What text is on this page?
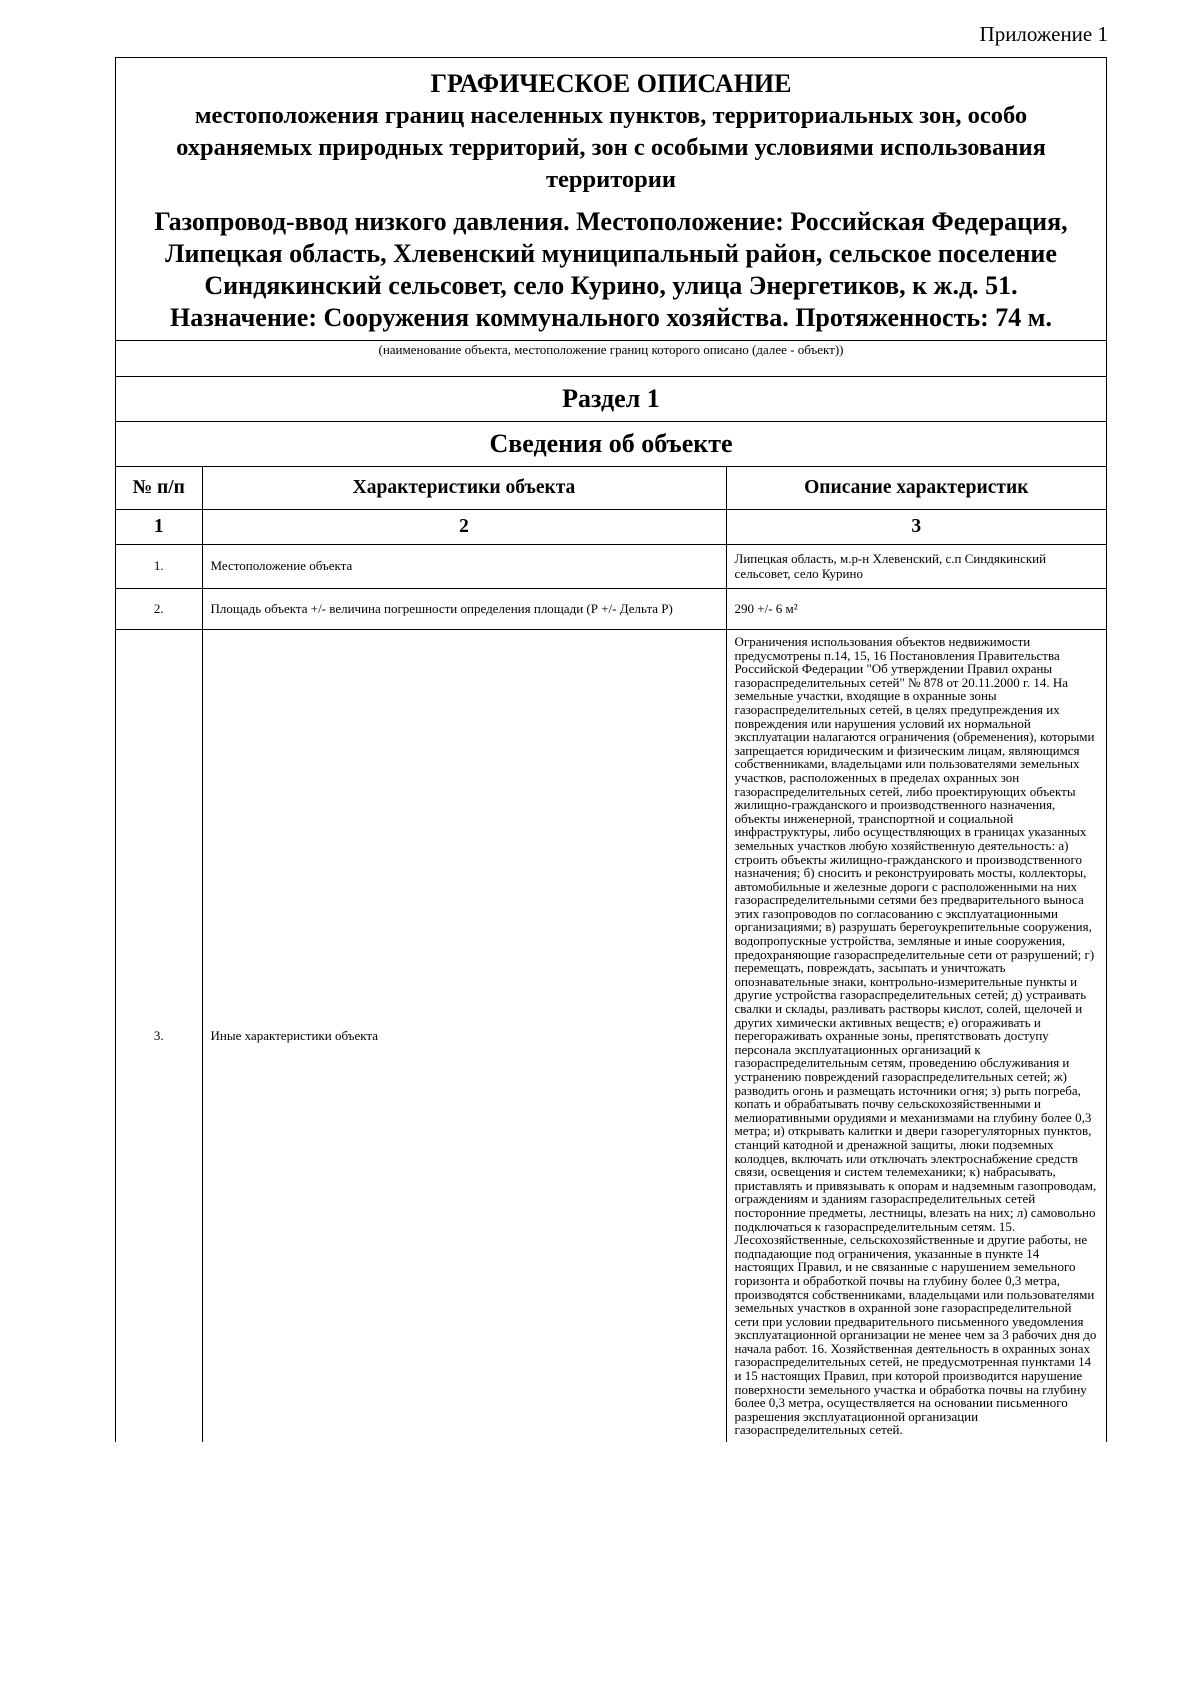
Приложение 1
ГРАФИЧЕСКОЕ ОПИСАНИЕ
местоположения границ населенных пунктов, территориальных зон, особо охраняемых природных территорий, зон с особыми условиями использования территории
Газопровод-ввод низкого давления. Местоположение: Российская Федерация, Липецкая область, Хлевенский муниципальный район, сельское поселение Синдякинский сельсовет, село Курино, улица Энергетиков, к ж.д. 51. Назначение: Сооружения коммунального хозяйства. Протяженность: 74 м.
(наименование объекта, местоположение границ которого описано (далее - объект))
Раздел 1
Сведения об объекте
№ п/п	Характеристики объекта	Описание характеристик
1	2	3
1.	Местоположение объекта	Липецкая область, м.р-н Хлевенский, с.п Синдякинский сельсовет, село Курино
2.	Площадь объекта +/- величина погрешности определения площади (Р +/- Дельта Р)	290 +/- 6 м²
3.	Иные характеристики объекта	Ограничения использования объектов недвижимости предусмотрены п.14, 15, 16 Постановления Правительства Российской Федерации "Об утверждении Правил охраны газораспределительных сетей" № 878 от 20.11.2000 г. 14. На земельные участки, входящие в охранные зоны газораспределительных сетей, в целях предупреждения их повреждения или нарушения условий их нормальной эксплуатации налагаются ограничения (обременения), которыми запрещается юридическим и физическим лицам, являющимся собственниками, владельцами или пользователями земельных участков, расположенных в пределах охранных зон газораспределительных сетей, либо проектирующих объекты жилищно-гражданского и производственного назначения, объекты инженерной, транспортной и социальной инфраструктуры, либо осуществляющих в границах указанных земельных участков любую хозяйственную деятельность: а) строить объекты жилищно-гражданского и производственного назначения; б) сносить и реконструировать мосты, коллекторы, автомобильные и железные дороги с расположенными на них газораспределительными сетями без предварительного выноса этих газопроводов по согласованию с эксплуатационными организациями; в) разрушать берегоукрепительные сооружения, водопропускные устройства, земляные и иные сооружения, предохраняющие газораспределительные сети от разрушений; г) перемещать, повреждать, засыпать и уничтожать опознавательные знаки, контрольно-измерительные пункты и другие устройства газораспределительных сетей; д) устраивать свалки и склады, разливать растворы кислот, солей, щелочей и других химически активных веществ; е) огораживать и перегораживать охранные зоны, препятствовать доступу персонала эксплуатационных организаций к газораспределительным сетям, проведению обслуживания и устранению повреждений газораспределительных сетей; ж) разводить огонь и размещать источники огня; з) рыть погреба, копать и обрабатывать почву сельскохозяйственными и мелиоративными орудиями и механизмами на глубину более 0,3 метра; и) открывать калитки и двери газорегуляторных пунктов, станций катодной и дренажной защиты, люки подземных колодцев, включать или отключать электроснабжение средств связи, освещения и систем телемеханики; к) набрасывать, приставлять и привязывать к опорам и надземным газопроводам, ограждениям и зданиям газораспределительных сетей посторонние предметы, лестницы, влезать на них; л) самовольно подключаться к газораспределительным сетям. 15. Лесохозяйственные, сельскохозяйственные и другие работы, не подпадающие под ограничения, указанные в пункте 14 настоящих Правил, и не связанные с нарушением земельного горизонта и обработкой почвы на глубину более 0,3 метра, производятся собственниками, владельцами или пользователями земельных участков в охранной зоне газораспределительной сети при условии предварительного письменного уведомления эксплуатационной организации не менее чем за 3 рабочих дня до начала работ. 16. Хозяйственная деятельность в охранных зонах газораспределительных сетей, не предусмотренная пунктами 14 и 15 настоящих Правил, при которой производится нарушение поверхности земельного участка и обработка почвы на глубину более 0,3 метра, осуществляется на основании письменного разрешения эксплуатационной организации газораспределительных сетей.
